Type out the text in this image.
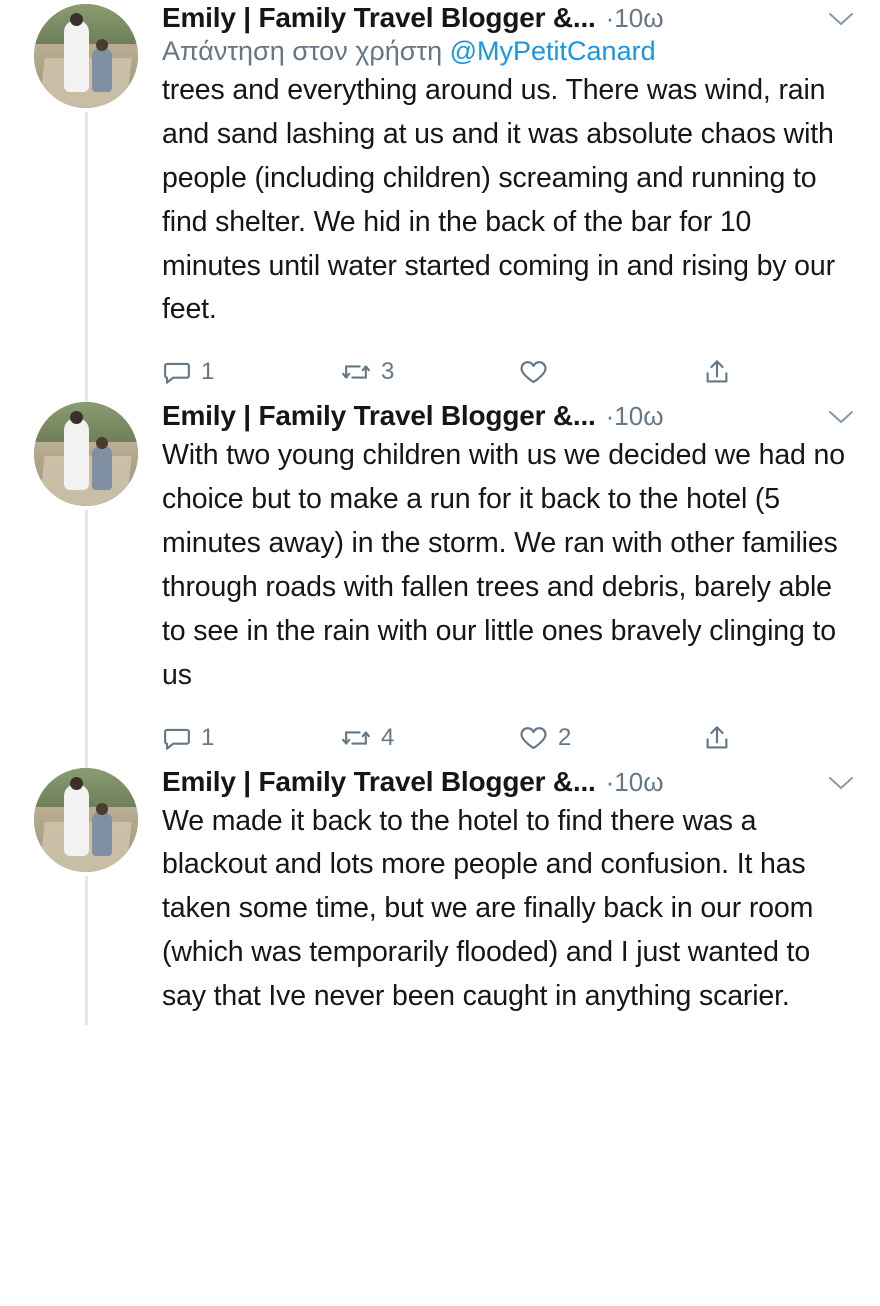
Emily | Family Travel Blogger &... ·10ω
Απάντηση στον χρήστη @MyPetitCanard
trees and everything around us. There was wind, rain and sand lashing at us and it was absolute chaos with people (including children) screaming and running to find shelter. We hid in the back of the bar for 10 minutes until water started coming in and rising by our feet.
1	3
Emily | Family Travel Blogger &... ·10ω
With two young children with us we decided we had no choice but to make a run for it back to the hotel (5 minutes away) in the storm. We ran with other families through roads with fallen trees and debris, barely able to see in the rain with our little ones bravely clinging to us
1	4	2
Emily | Family Travel Blogger &... ·10ω
We made it back to the hotel to find there was a blackout and lots more people and confusion. It has taken some time, but we are finally back in our room (which was temporarily flooded) and I just wanted to say that Ive never been caught in anything scarier.
